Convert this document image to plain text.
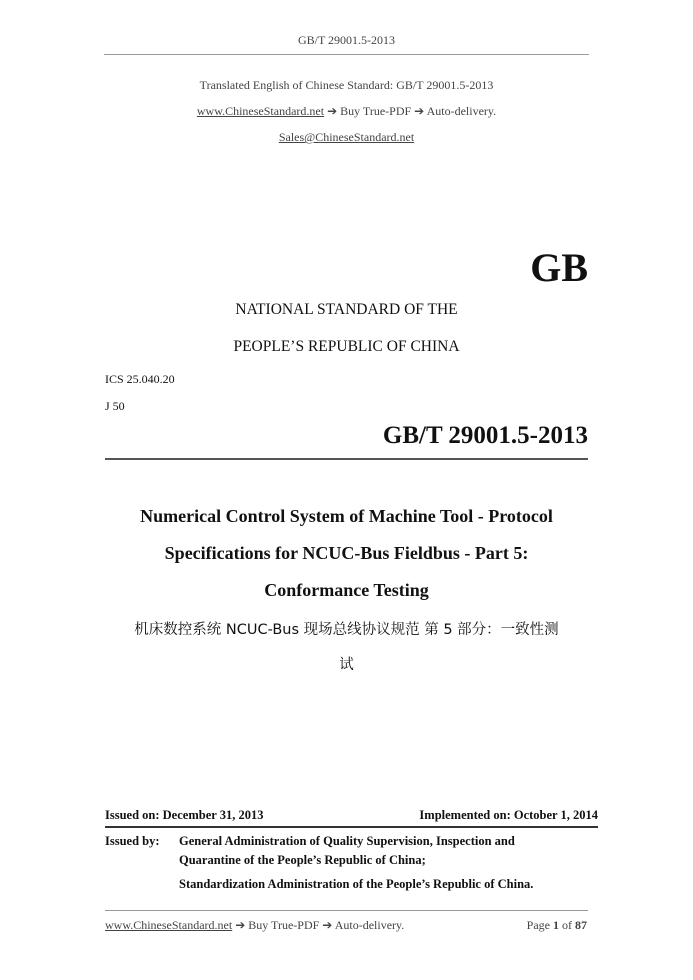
GB/T 29001.5-2013
Translated English of Chinese Standard: GB/T 29001.5-2013
www.ChineseStandard.net ➔ Buy True-PDF ➔ Auto-delivery.
Sales@ChineseStandard.net
GB
NATIONAL STANDARD OF THE
PEOPLE’S REPUBLIC OF CHINA
ICS 25.040.20
J 50
GB/T 29001.5-2013
Numerical Control System of Machine Tool - Protocol
Specifications for NCUC-Bus Fieldbus - Part 5:
Conformance Testing
机床数控系统 NCUC-Bus 现场总线协议规范 第 5 部分：一致性测
试
Issued on: December 31, 2013	Implemented on: October 1, 2014
Issued by: General Administration of Quality Supervision, Inspection and
Quarantine of the People’s Republic of China;
Standardization Administration of the People’s Republic of China.
www.ChineseStandard.net ➔ Buy True-PDF ➔ Auto-delivery.	Page 1 of 87
